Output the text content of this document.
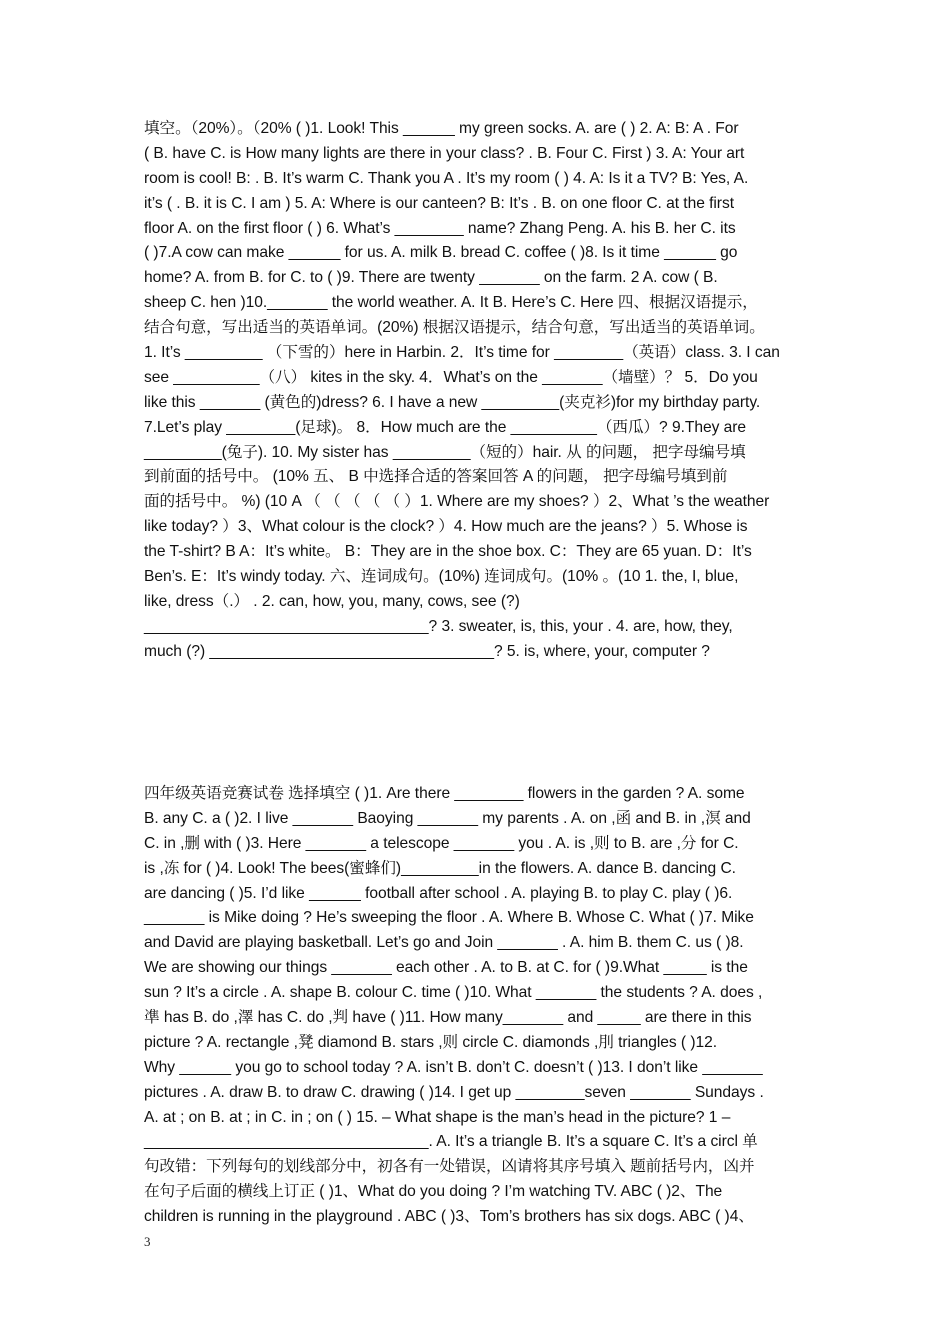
填空。（20%）。（20% ( )1. Look! This ______ my green socks. A. are ( ) 2. A: B: A . For
( B. have C. is How many lights are there in your class? . B. Four C. First ) 3. A: Your art
room is cool! B: . B. It’s warm C. Thank you A . It’s my room ( ) 4. A: Is it a TV? B: Yes, A.
it’s ( . B. it is C. I am ) 5. A: Where is our canteen? B: It’s . B. on one floor C. at the first
floor A. on the first floor ( ) 6. What’s ________ name? Zhang Peng. A. his B. her C. its
( )7.A cow can make ______ for us. A. milk B. bread C. coffee ( )8. Is it time ______ go
home? A. from B. for C. to ( )9. There are twenty _______ on the farm. 2 A. cow ( B.
sheep C. hen )10._______ the world weather. A. It B. Here’s C. Here 四、根据汉语提示，
结合句意，写出适当的英语单词。(20%) 根据汉语提示，结合句意，写出适当的英语单词。
1. It’s _________ （下雪的）here in Harbin. 2．It’s time for ________（英语）class. 3. I can
see __________（八） kites in the sky. 4．What’s on the _______（墙壁）？ 5．Do you
like this _______ (黄色的)dress? 6. I have a new _________(夹克衫)for my birthday party.
7.Let’s play ________(足球)。 8．How much are the __________（西瓜）? 9.They are
_________(兔子). 10. My sister has _________（短的）hair. 从 的问题， 把字母编号填
到前面的括号中。 (10% 五、 B 中选择合适的答案回答 A 的问题， 把字母编号填到前
面的括号中。 %) (10 A （ （ （ （ （ ）1. Where are my shoes? ）2、What ’s the weather
like today? ）3、What colour is the clock? ）4. How much are the jeans? ）5. Whose is
the T-shirt? B A：It’s white。 B：They are in the shoe box. C：They are 65 yuan. D：It’s
Ben’s. E：It’s windy today. 六、连词成句。(10%) 连词成句。(10% 。(10 1. the, I, blue,
like, dress（.） . 2. can, how, you, many, cows, see (?)
_________________________________? 3. sweater, is, this, your . 4. are, how, they,
much (?) _________________________________? 5. is, where, your, computer ?
四年级英语竞赛试卷 选择填空 ( )1. Are there ________ flowers in the garden ? A. some
B. any C. a ( )2. I live _______ Baoying _______ my parents . A. on ,函 and B. in ,溟 and
C. in ,删 with ( )3. Here _______ a telescope _______ you . A. is ,则 to B. are ,分 for C.
is ,冻 for ( )4. Look! The bees(蜜蜂们)_________in the flowers. A. dance B. dancing C.
are dancing ( )5. I’d like ______ football after school . A. playing B. to play C. play ( )6.
_______ is Mike doing ? He’s sweeping the floor . A. Where B. Whose C. What ( )7. Mike
and David are playing basketball. Let’s go and Join _______ . A. him B. them C. us ( )8.
We are showing our things _______ each other . A. to B. at C. for ( )9.What _____ is the
sun ? It’s a circle . A. shape B. colour C. time ( )10. What _______ the students ? A. does ,
凖 has B. do ,澤 has C. do ,判 have ( )11. How many_______ and _____ are there in this
picture ? A. rectangle ,凳 diamond B. stars ,则 circle C. diamonds ,刖 triangles ( )12.
Why ______ you go to school today ? A. isn’t B. don’t C. doesn’t ( )13. I don’t like _______
pictures . A. draw B. to draw C. drawing ( )14. I get up ________seven _______ Sundays .
A. at ; on B. at ; in C. in ; on ( ) 15. – What shape is the man’s head in the picture? 1 –
_________________________________. A. It’s a triangle B. It’s a square C. It’s a circl 单
句改错：下列每句的划线部分中，初各有一处错误，凶请将其序号填入 题前括号内，凶并
在句子后面的横线上订正 ( )1、What do you doing ? I’m watching TV. ABC ( )2、The
children is running in the playground . ABC ( )3、Tom’s brothers has six dogs. ABC ( )4、
3
